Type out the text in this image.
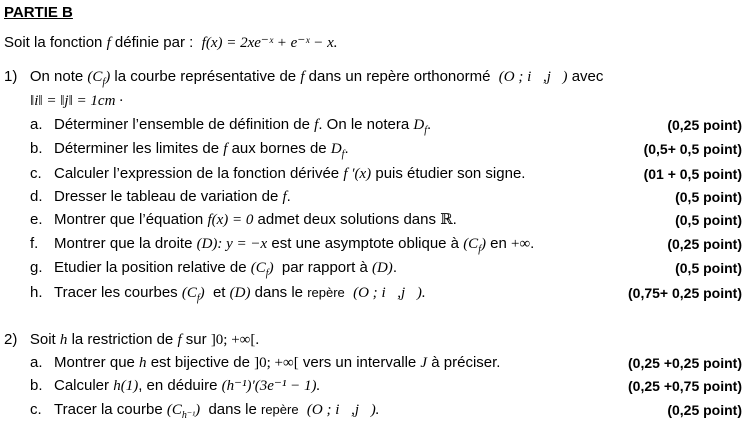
PARTIE B
Soit la fonction f définie par : f(x) = 2xe⁻ˣ + e⁻ˣ − x.
1) On note $(C_f)$ la courbe représentative de f dans un repère orthonormé (O ; i⃗,j) avec
‖i‖ = ‖j‖ = 1cm ·
a. Déterminer l’ensemble de définition de f. On le notera $D_f$.	(0,25 point)
b. Déterminer les limites de f aux bornes de $D_f$.	(0,5+ 0,5 point)
c. Calculer l’expression de la fonction dérivée f ′(x) puis étudier son signe.	(01 + 0,5 point)
d. Dresser le tableau de variation de f.	(0,5 point)
e. Montrer que l’équation f(x) = 0 admet deux solutions dans ℝ.	(0,5 point)
f. Montrer que la droite (D): y = −x est une asymptote oblique à $(C_f)$ en +∞.	(0,25 point)
g. Etudier la position relative de $(C_f)$ par rapport à (D).	(0,5 point)
h. Tracer les courbes $(C_f)$ et (D) dans le repère (O ; i⃗,j).	(0,75+ 0,25 point)
2) Soit h la restriction de f sur ]0; +∞[.
a. Montrer que h est bijective de ]0; +∞[ vers un intervalle J à préciser.	(0,25 +0,25 point)
b. Calculer h(1), en déduire (h⁻¹)′(3e⁻¹ − 1).	(0,25 +0,75 point)
c. Tracer la courbe $(C_{h^{-1}})$ dans le repère (O ; i⃗,j).	(0,25 point)
